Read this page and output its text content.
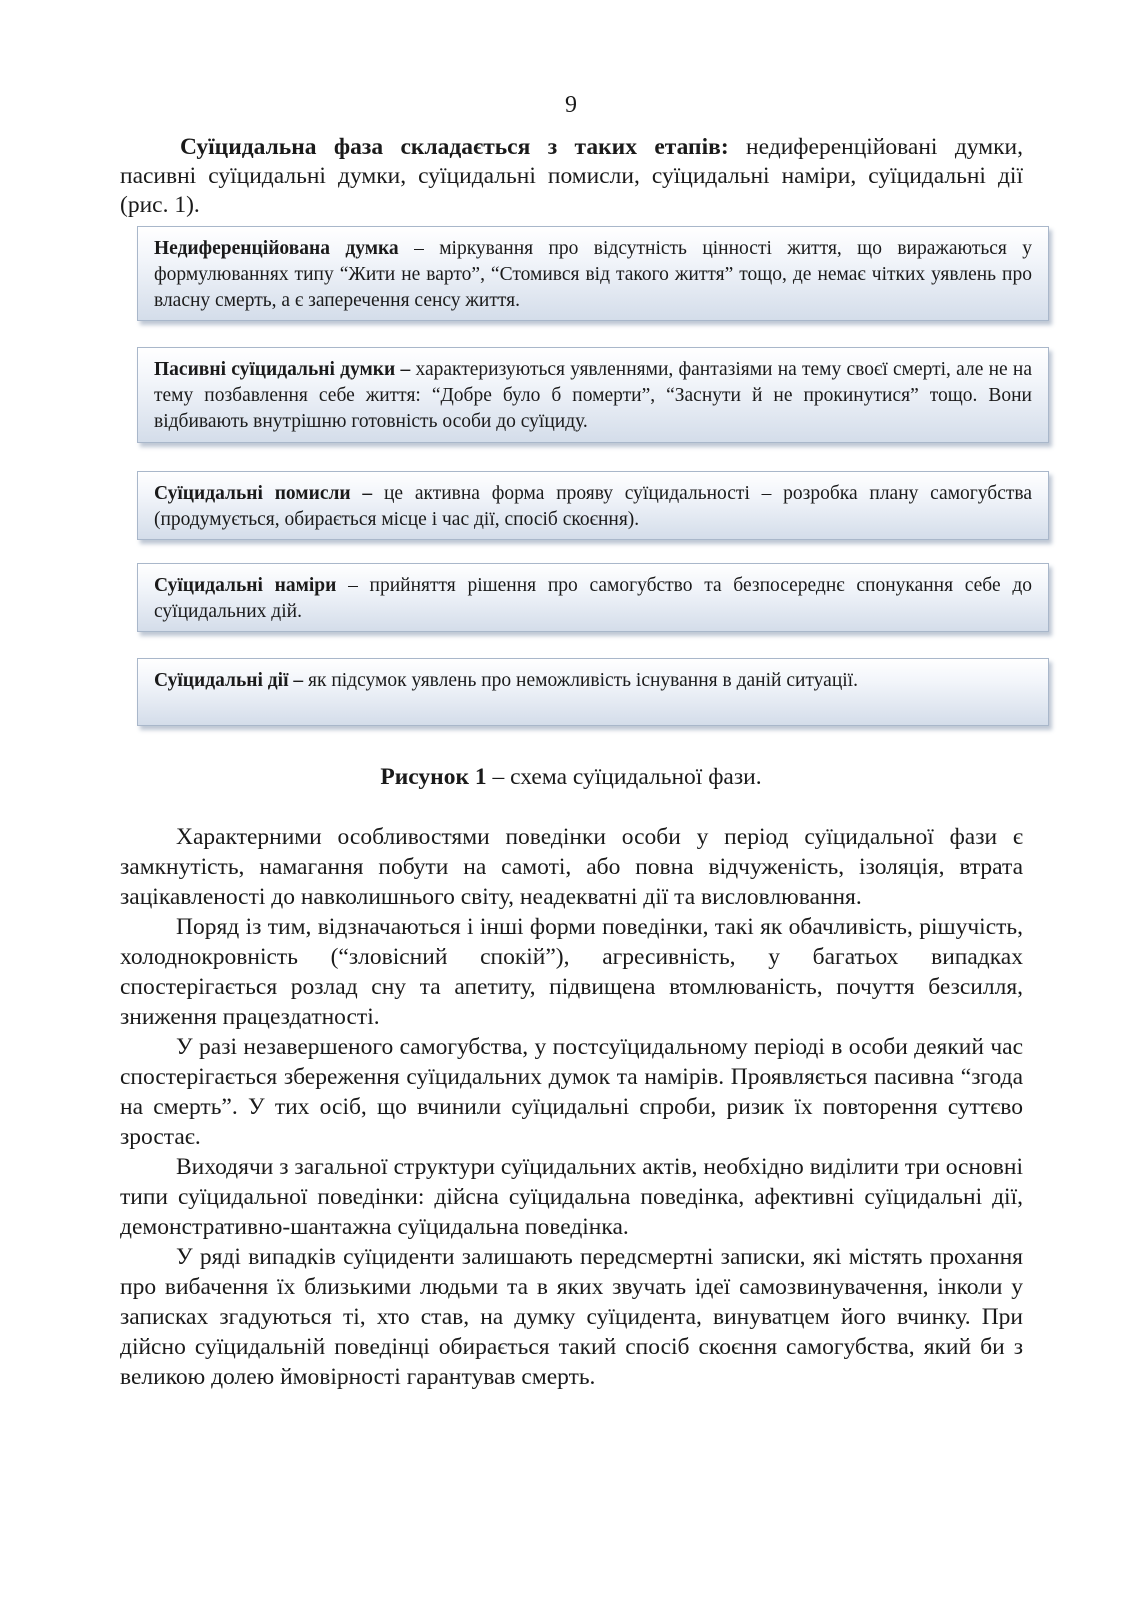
9

Суїцидальна фаза складається з таких етапів: недиференційовані думки, пасивні суїцидальні думки, суїцидальні помисли, суїцидальні наміри, суїцидальні дії (рис. 1).

Недиференційована думка – міркування про відсутність цінності життя, що виражаються у формулюваннях типу “Жити не варто”, “Стомився від такого життя” тощо, де немає чітких уявлень про власну смерть, а є заперечення сенсу життя.
Пасивні суїцидальні думки – характеризуються уявленнями, фантазіями на тему своєї смерті, але не на тему позбавлення себе життя: “Добре було б померти”, “Заснути й не прокинутися” тощо. Вони відбивають внутрішню готовність особи до суїциду.
Суїцидальні помисли – це активна форма прояву суїцидальності – розробка плану самогубства (продумується, обирається місце і час дії, спосіб скоєння).
Суїцидальні наміри – прийняття рішення про самогубство та безпосереднє спонукання себе до суїцидальних дій.
Суїцидальні дії – як підсумок уявлень про неможливість існування в даній ситуації.
Рисунок 1 – схема суїцидальної фази.

Характерними особливостями поведінки особи у період суїцидальної фази є замкнутість, намагання побути на самоті, або повна відчуженість, ізоляція, втрата зацікавленості до навколишнього світу, неадекватні дії та висловлювання.

Поряд із тим, відзначаються і інші форми поведінки, такі як обачливість, рішучість, холоднокровність (“зловісний спокій”), агресивність, у багатьох випадках спостерігається розлад сну та апетиту, підвищена втомлюваність, почуття безсилля, зниження працездатності.

У разі незавершеного самогубства, у постсуїцидальному періоді в особи деякий час спостерігається збереження суїцидальних думок та намірів. Проявляється пасивна “згода на смерть”. У тих осіб, що вчинили суїцидальні спроби, ризик їх повторення суттєво зростає.

Виходячи з загальної структури суїцидальних актів, необхідно виділити три основні типи суїцидальної поведінки: дійсна суїцидальна поведінка, афективні суїцидальні дії, демонстративно-шантажна суїцидальна поведінка.

У ряді випадків суїциденти залишають передсмертні записки, які містять прохання про вибачення їх близькими людьми та в яких звучать ідеї самозвинувачення, інколи у записках згадуються ті, хто став, на думку суїцидента, винуватцем його вчинку. При дійсно суїцидальній поведінці обирається такий спосіб скоєння самогубства, який би з великою долею ймовірності гарантував смерть.
